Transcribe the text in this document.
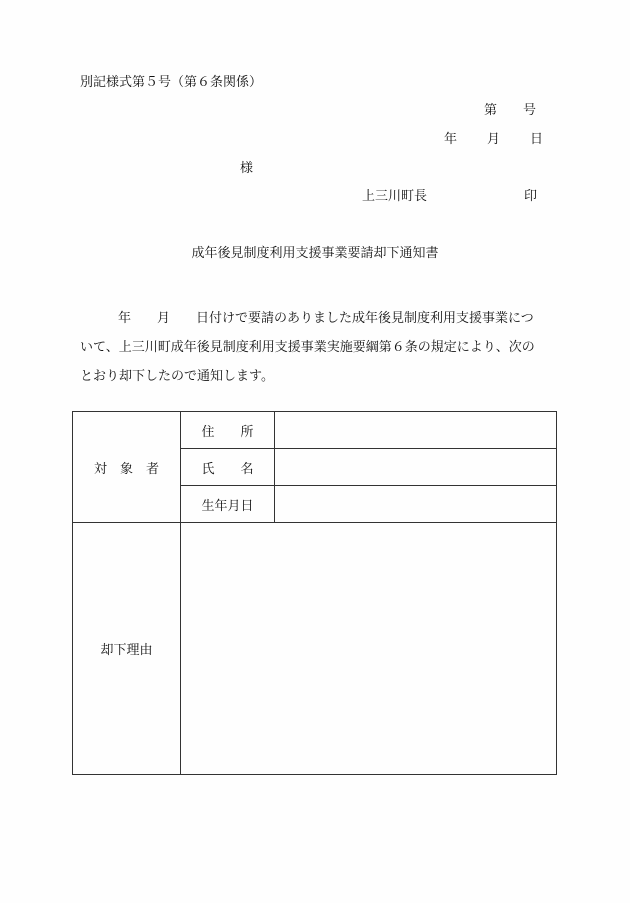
別記様式第５号（第６条関係）
第 号
年 月 日
様
上三川町長	印
成年後見制度利用支援事業要請却下通知書
年 月 日付けで要請のありました成年後見制度利用支援事業につ
いて、上三川町成年後見制度利用支援事業実施要綱第６条の規定により、次の
とおり却下したので通知します。
対　象　者	住　　所	
	氏　　名	
	生年月日	
却下理由		
